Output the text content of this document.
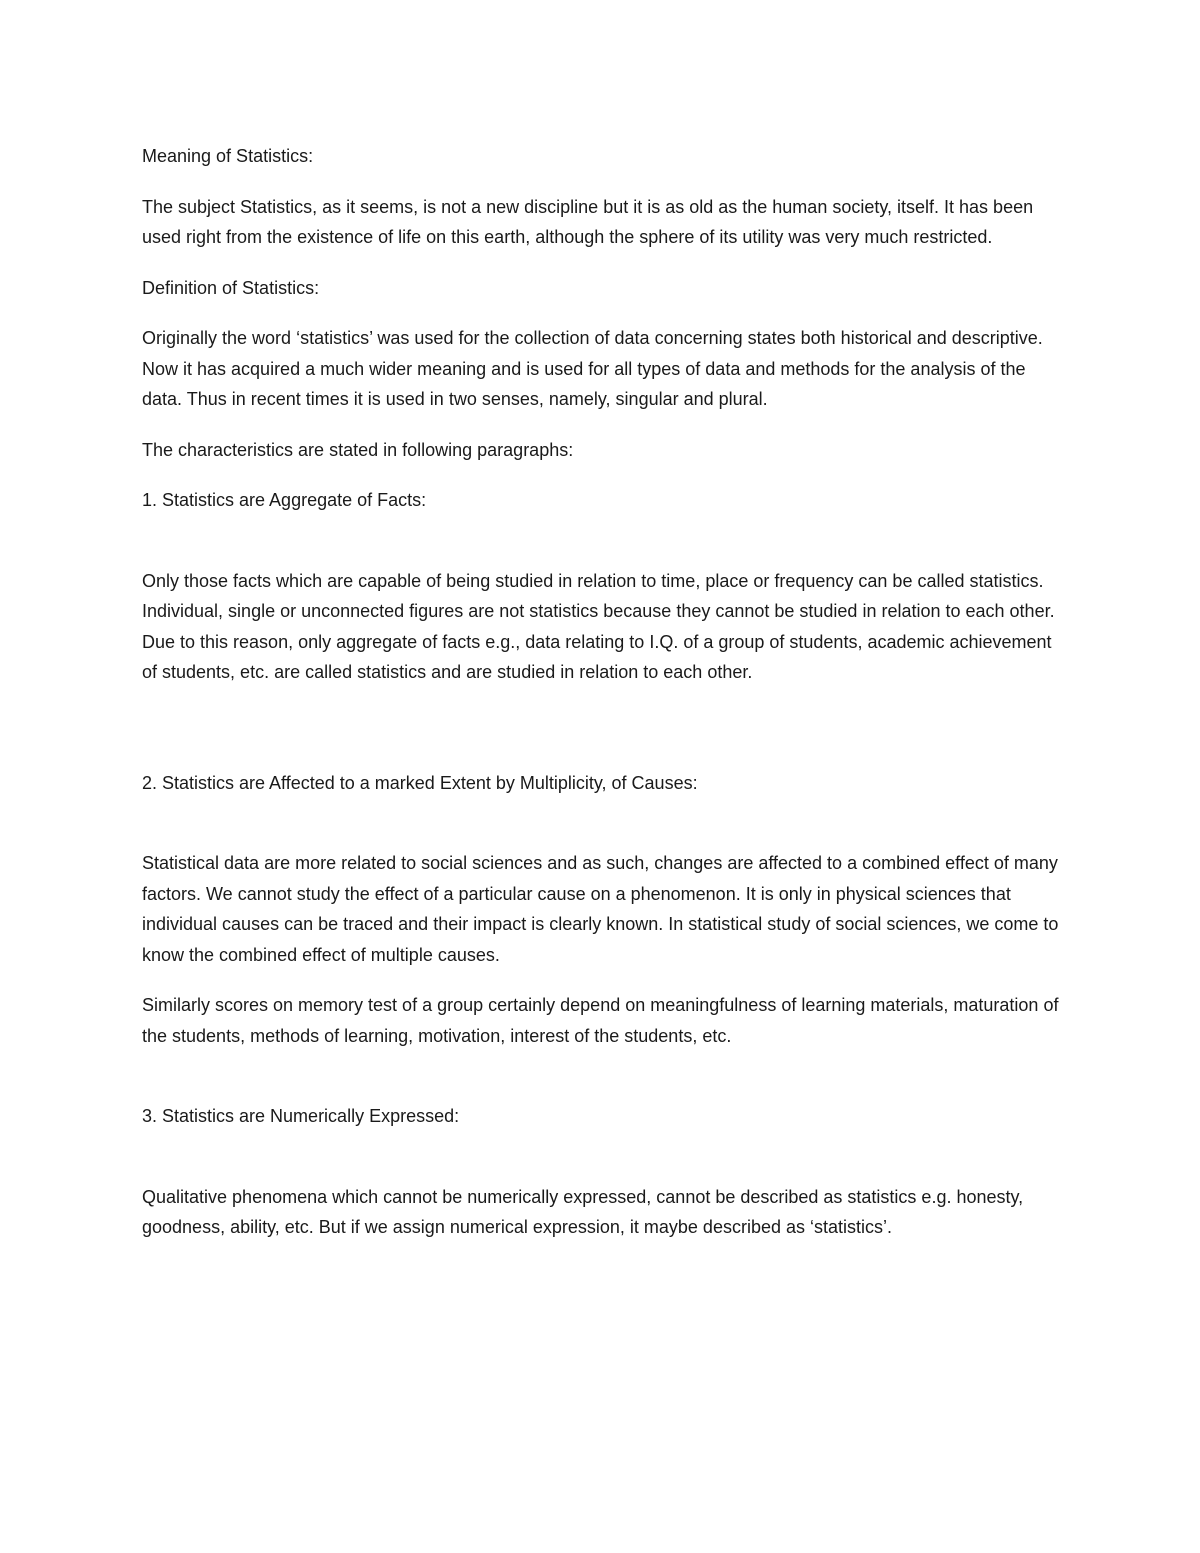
Meaning of Statistics:

The subject Statistics, as it seems, is not a new discipline but it is as old as the human society, itself. It has been used right from the existence of life on this earth, although the sphere of its utility was very much restricted.

Definition of Statistics:

Originally the word ‘statistics’ was used for the collection of data concerning states both historical and descriptive. Now it has acquired a much wider meaning and is used for all types of data and methods for the analysis of the data. Thus in recent times it is used in two senses, namely, singular and plural.

The characteristics are stated in following paragraphs:

1. Statistics are Aggregate of Facts:

Only those facts which are capable of being studied in relation to time, place or frequency can be called statistics. Individual, single or unconnected figures are not statistics because they cannot be studied in relation to each other. Due to this reason, only aggregate of facts e.g., data relating to I.Q. of a group of students, academic achievement of students, etc. are called statistics and are studied in relation to each other.

2. Statistics are Affected to a marked Extent by Multiplicity, of Causes:

Statistical data are more related to social sciences and as such, changes are affected to a combined effect of many factors. We cannot study the effect of a particular cause on a phenomenon. It is only in physical sciences that individual causes can be traced and their impact is clearly known. In statistical study of social sciences, we come to know the combined effect of multiple causes.

Similarly scores on memory test of a group certainly depend on meaningfulness of learning materials, maturation of the students, methods of learning, motivation, interest of the students, etc.

3. Statistics are Numerically Expressed:

Qualitative phenomena which cannot be numerically expressed, cannot be described as statistics e.g. honesty, goodness, ability, etc. But if we assign numerical expression, it maybe described as ‘statistics’.
